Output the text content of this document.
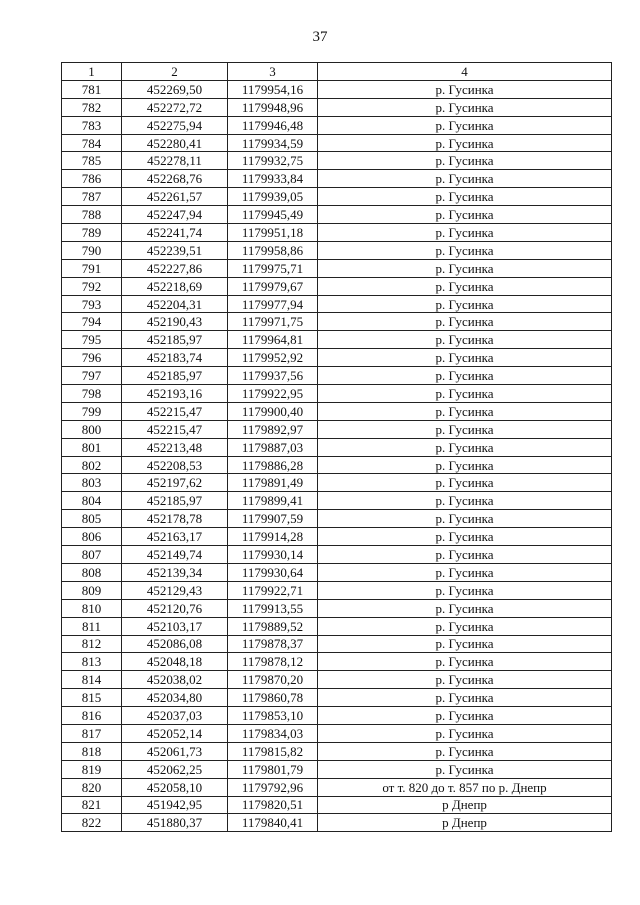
37
1	2	3	4
781	452269,50	1179954,16	р. Гусинка
782	452272,72	1179948,96	р. Гусинка
783	452275,94	1179946,48	р. Гусинка
784	452280,41	1179934,59	р. Гусинка
785	452278,11	1179932,75	р. Гусинка
786	452268,76	1179933,84	р. Гусинка
787	452261,57	1179939,05	р. Гусинка
788	452247,94	1179945,49	р. Гусинка
789	452241,74	1179951,18	р. Гусинка
790	452239,51	1179958,86	р. Гусинка
791	452227,86	1179975,71	р. Гусинка
792	452218,69	1179979,67	р. Гусинка
793	452204,31	1179977,94	р. Гусинка
794	452190,43	1179971,75	р. Гусинка
795	452185,97	1179964,81	р. Гусинка
796	452183,74	1179952,92	р. Гусинка
797	452185,97	1179937,56	р. Гусинка
798	452193,16	1179922,95	р. Гусинка
799	452215,47	1179900,40	р. Гусинка
800	452215,47	1179892,97	р. Гусинка
801	452213,48	1179887,03	р. Гусинка
802	452208,53	1179886,28	р. Гусинка
803	452197,62	1179891,49	р. Гусинка
804	452185,97	1179899,41	р. Гусинка
805	452178,78	1179907,59	р. Гусинка
806	452163,17	1179914,28	р. Гусинка
807	452149,74	1179930,14	р. Гусинка
808	452139,34	1179930,64	р. Гусинка
809	452129,43	1179922,71	р. Гусинка
810	452120,76	1179913,55	р. Гусинка
811	452103,17	1179889,52	р. Гусинка
812	452086,08	1179878,37	р. Гусинка
813	452048,18	1179878,12	р. Гусинка
814	452038,02	1179870,20	р. Гусинка
815	452034,80	1179860,78	р. Гусинка
816	452037,03	1179853,10	р. Гусинка
817	452052,14	1179834,03	р. Гусинка
818	452061,73	1179815,82	р. Гусинка
819	452062,25	1179801,79	р. Гусинка
820	452058,10	1179792,96	от т. 820 до т. 857 по р. Днепр
821	451942,95	1179820,51	р Днепр
822	451880,37	1179840,41	р Днепр
